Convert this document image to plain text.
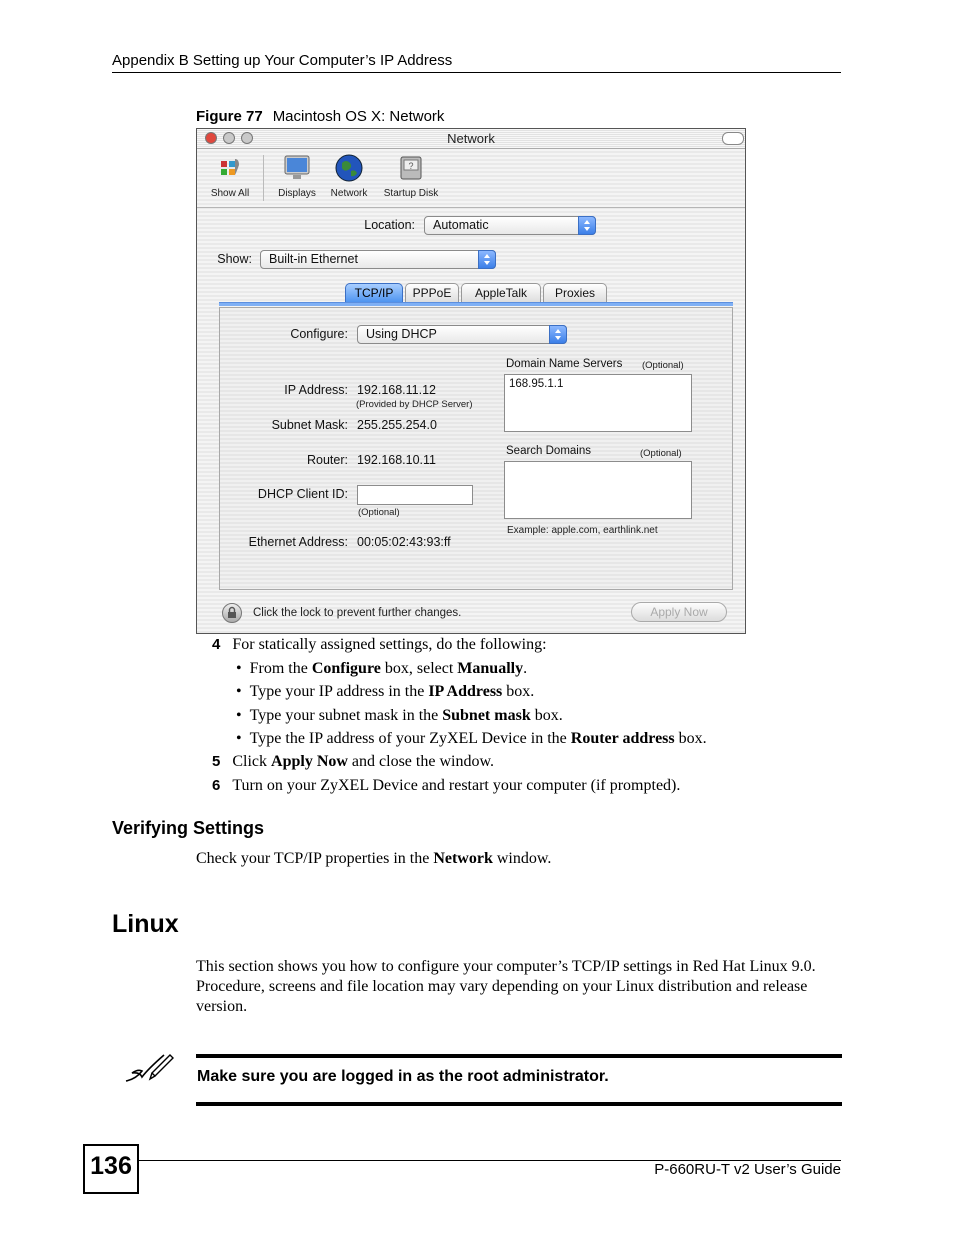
Appendix B Setting up Your Computer’s IP Address
Figure 77 Macintosh OS X: Network
Network
Show All	Displays	Network
?
Startup Disk
Location:	Automatic
Show:	Built-in Ethernet
TCP/IP	PPPoE	AppleTalk	Proxies
Configure:	Using DHCP
IP Address: 192.168.11.12
(Provided by DHCP Server)
Subnet Mask: 255.255.254.0
Router: 192.168.10.11
DHCP Client ID:
(Optional)
Ethernet Address: 00:05:02:43:93:ff
Domain Name Servers (Optional)
168.95.1.1
Search Domains	(Optional)
Example: apple.com, earthlink.net
Click the lock to prevent further changes.	Apply Now
4 For statically assigned settings, do the following:
• From the Configure box, select Manually.
• Type your IP address in the IP Address box.
• Type your subnet mask in the Subnet mask box.
• Type the IP address of your ZyXEL Device in the Router address box.
5 Click Apply Now and close the window.
6 Turn on your ZyXEL Device and restart your computer (if prompted).
Verifying Settings
Check your TCP/IP properties in the Network window.
Linux
This section shows you how to configure your computer’s TCP/IP settings in Red Hat Linux 9.0. Procedure, screens and file location may vary depending on your Linux distribution and release version.
Make sure you are logged in as the root administrator.
136	P-660RU-T v2 User’s Guide
